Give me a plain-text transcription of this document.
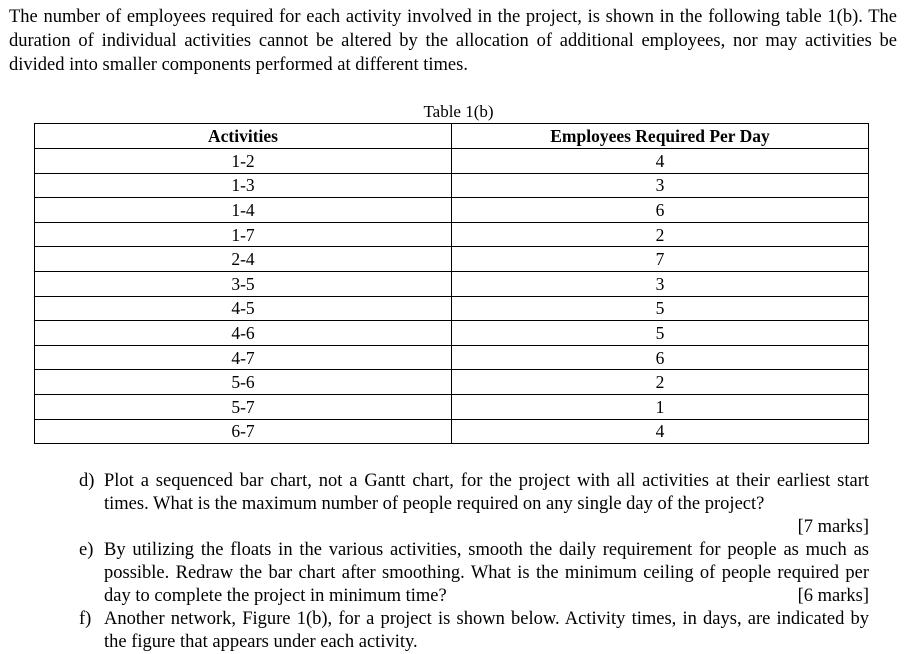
The number of employees required for each activity involved in the project, is shown in the following table 1(b). The duration of individual activities cannot be altered by the allocation of additional employees, nor may activities be divided into smaller components performed at different times.

Table 1(b)
Activities	Employees Required Per Day
1-2	4
1-3	3
1-4	6
1-7	2
2-4	7
3-5	3
4-5	5
4-6	5
4-7	6
5-6	2
5-7	1
6-7	4
d) Plot a sequenced bar chart, not a Gantt chart, for the project with all activities at their earliest start times. What is the maximum number of people required on any single day of the project?
[7 marks]
e) By utilizing the floats in the various activities, smooth the daily requirement for people as much as possible. Redraw the bar chart after smoothing. What is the minimum ceiling of people required per day to complete the project in minimum time?	[6 marks]
f) Another network, Figure 1(b), for a project is shown below. Activity times, in days, are indicated by the figure that appears under each activity.
